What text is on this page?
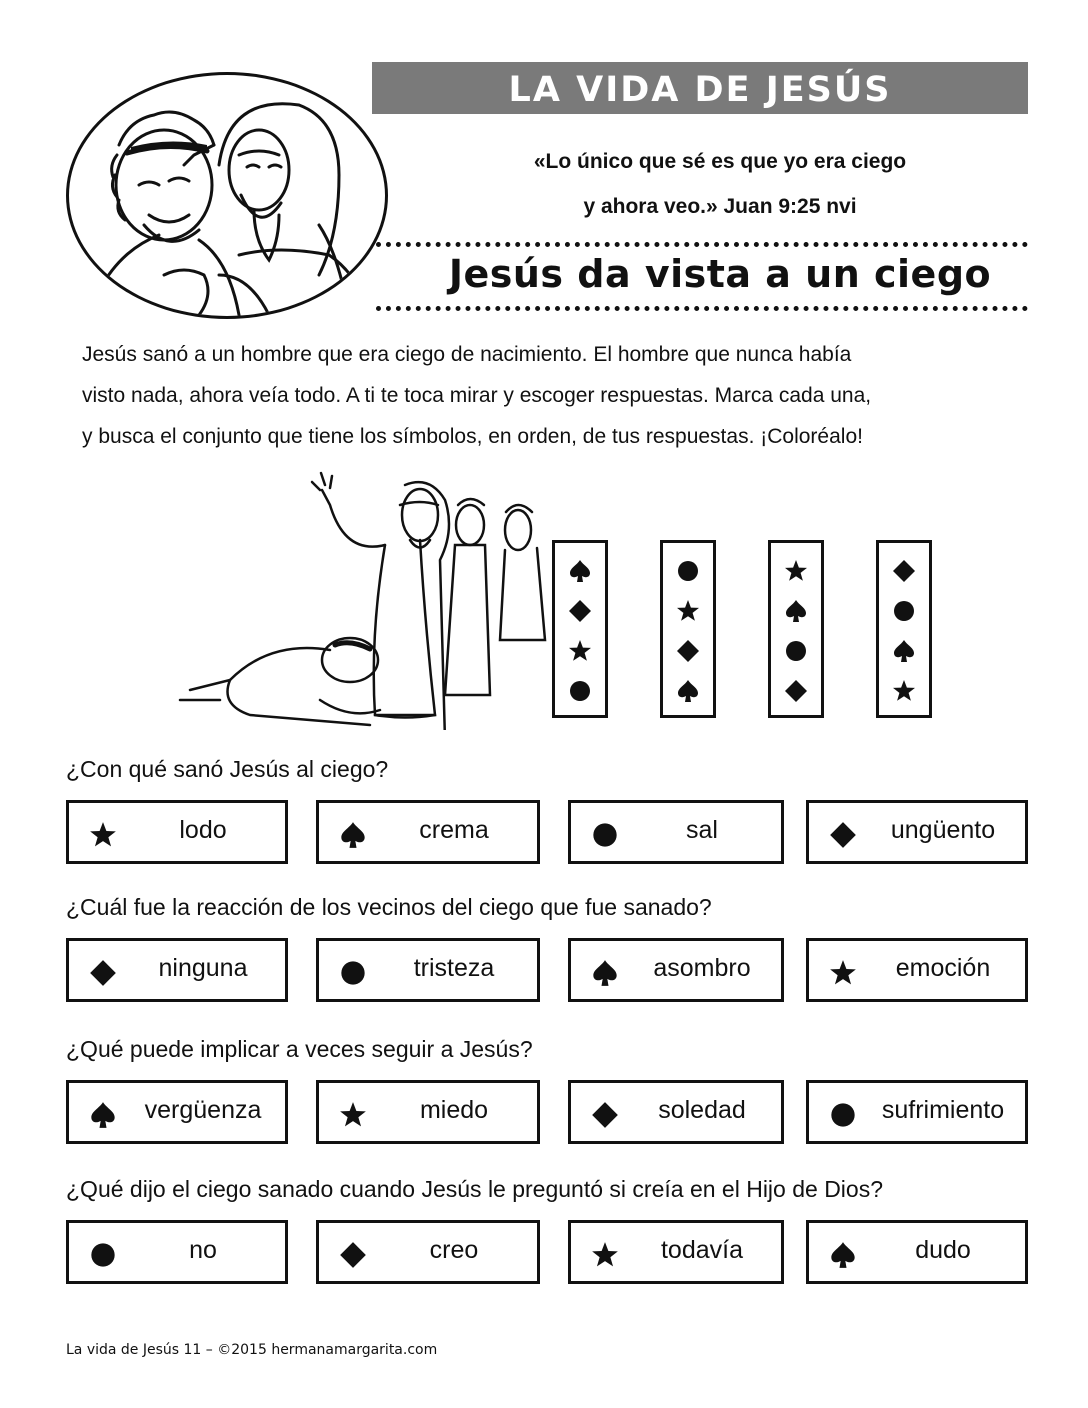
LA VIDA DE JESÚS
«Lo único que sé es que yo era ciego
y ahora veo.» Juan 9:25 nvi
Jesús da vista a un ciego
Jesús sanó a un hombre que era ciego de nacimiento. El hombre que nunca había
visto nada, ahora veía todo. A ti te toca mirar y escoger respuestas. Marca cada una,
y busca el conjunto que tiene los símbolos, en orden, de tus respuestas. ¡Coloréalo!
¿Con qué sanó Jesús al ciego?
lodo	crema	sal	ungüento
¿Cuál fue la reacción de los vecinos del ciego que fue sanado?
ninguna	tristeza	asombro	emoción
¿Qué puede implicar a veces seguir a Jesús?
vergüenza	miedo	soledad	sufrimiento
¿Qué dijo el ciego sanado cuando Jesús le preguntó si creía en el Hijo de Dios?
no	creo	todavía	dudo
La vida de Jesús 11 – ©2015 hermanamargarita.com
